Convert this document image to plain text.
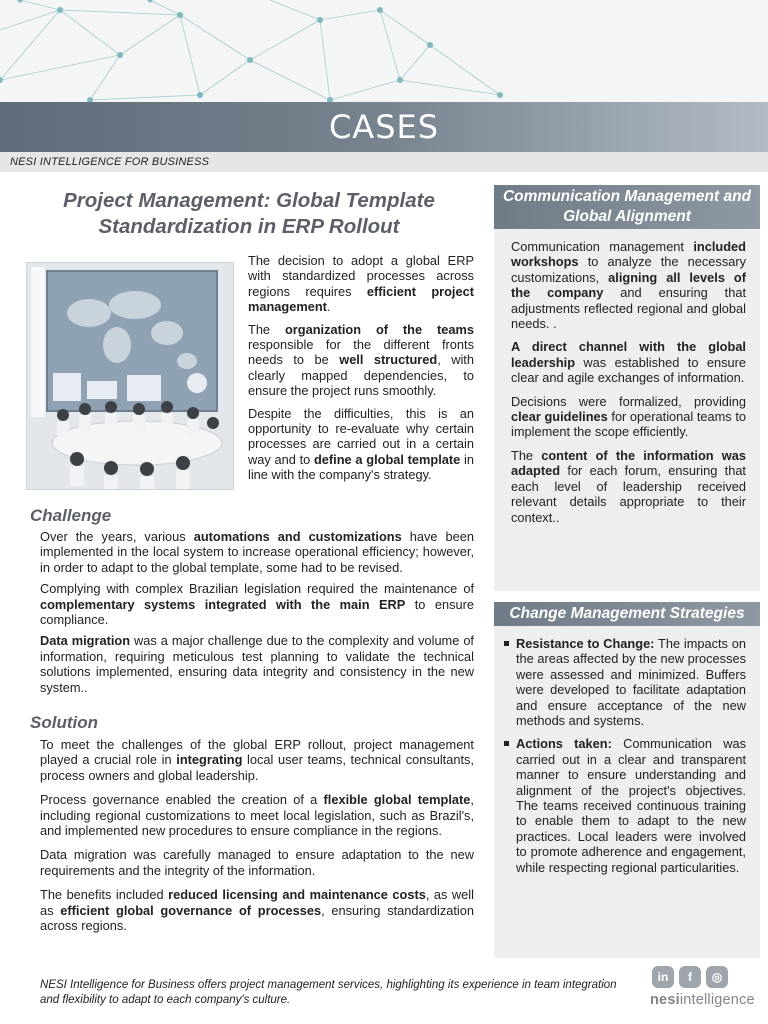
CASES
NESI INTELLIGENCE FOR BUSINESS
Project Management: Global Template Standardization in ERP Rollout

The decision to adopt a global ERP with standardized processes across regions requires efficient project management.

The organization of the teams responsible for the different fronts needs to be well structured, with clearly mapped dependencies, to ensure the project runs smoothly.

Despite the difficulties, this is an opportunity to re-evaluate why certain processes are carried out in a certain way and to define a global template in line with the company's strategy.

Challenge

Over the years, various automations and customizations have been implemented in the local system to increase operational efficiency; however, in order to adapt to the global template, some had to be revised.

Complying with complex Brazilian legislation required the maintenance of complementary systems integrated with the main ERP to ensure compliance.

Data migration was a major challenge due to the complexity and volume of information, requiring meticulous test planning to validate the technical solutions implemented, ensuring data integrity and consistency in the new system..

Solution

To meet the challenges of the global ERP rollout, project management played a crucial role in integrating local user teams, technical consultants, process owners and global leadership.

Process governance enabled the creation of a flexible global template, including regional customizations to meet local legislation, such as Brazil's, and implemented new procedures to ensure compliance in the regions.

Data migration was carefully managed to ensure adaptation to the new requirements and the integrity of the information.

The benefits included reduced licensing and maintenance costs, as well as efficient global governance of processes, ensuring standardization across regions.

Communication Management and Global Alignment

Communication management included workshops to analyze the necessary customizations, aligning all levels of the company and ensuring that adjustments reflected regional and global needs. .

A direct channel with the global leadership was established to ensure clear and agile exchanges of information.

Decisions were formalized, providing clear guidelines for operational teams to implement the scope efficiently.

The content of the information was adapted for each forum, ensuring that each level of leadership received relevant details appropriate to their context..

Change Management Strategies

Resistance to Change: The impacts on the areas affected by the new processes were assessed and minimized. Buffers were developed to facilitate adaptation and ensure acceptance of the new methods and systems.

Actions taken: Communication was carried out in a clear and transparent manner to ensure understanding and alignment of the project's objectives. The teams received continuous training to enable them to adapt to the new practices. Local leaders were involved to promote adherence and engagement, while respecting regional particularities.

NESI Intelligence for Business offers project management services, highlighting its experience in team integration and flexibility to adapt to each company's culture.
in	f	◎
nesiintelligence
